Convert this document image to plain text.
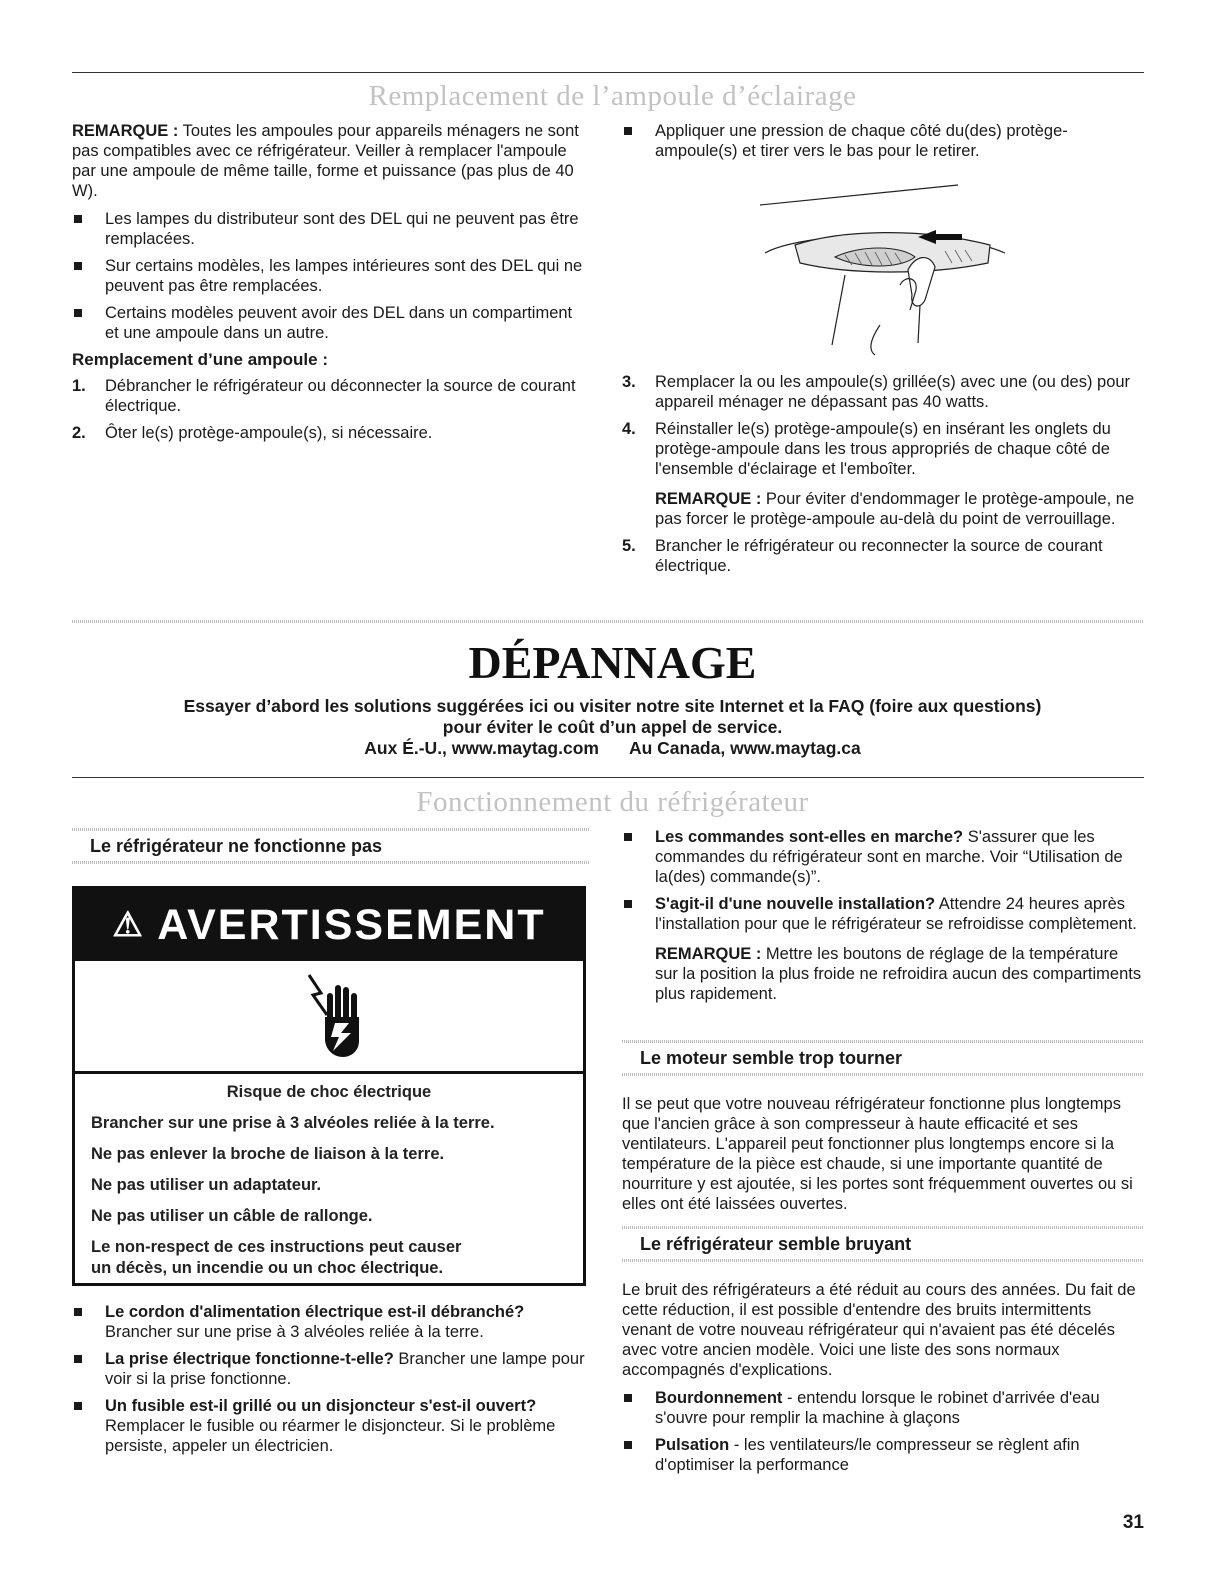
Remplacement de l’ampoule d’éclairage

REMARQUE : Toutes les ampoules pour appareils ménagers ne sont pas compatibles avec ce réfrigérateur. Veiller à remplacer l'ampoule par une ampoule de même taille, forme et puissance (pas plus de 40 W).

Les lampes du distributeur sont des DEL qui ne peuvent pas être remplacées.
Sur certains modèles, les lampes intérieures sont des DEL qui ne peuvent pas être remplacées.
Certains modèles peuvent avoir des DEL dans un compartiment et une ampoule dans un autre.

Remplacement d’une ampoule :

1. Débrancher le réfrigérateur ou déconnecter la source de courant électrique.
2. Ôter le(s) protège-ampoule(s), si nécessaire.
Appliquer une pression de chaque côté du(des) protège-ampoule(s) et tirer vers le bas pour le retirer.
3. Remplacer la ou les ampoule(s) grillée(s) avec une (ou des) pour appareil ménager ne dépassant pas 40 watts.
4. Réinstaller le(s) protège-ampoule(s) en insérant les onglets du protège-ampoule dans les trous appropriés de chaque côté de l'ensemble d'éclairage et l'emboîter.

REMARQUE : Pour éviter d'endommager le protège-ampoule, ne pas forcer le protège-ampoule au-delà du point de verrouillage.

5. Brancher le réfrigérateur ou reconnecter la source de courant électrique.
DÉPANNAGE
Essayer d’abord les solutions suggérées ici ou visiter notre site Internet et la FAQ (foire aux questions)
pour éviter le coût d’un appel de service.
Aux É.-U., www.maytag.com Au Canada, www.maytag.ca
Fonctionnement du réfrigérateur
Le réfrigérateur ne fonctionne pas
⚠ AVERTISSEMENT

Risque de choc électrique

Brancher sur une prise à 3 alvéoles reliée à la terre.

Ne pas enlever la broche de liaison à la terre.

Ne pas utiliser un adaptateur.

Ne pas utiliser un câble de rallonge.

Le non-respect de ces instructions peut causer

un décès, un incendie ou un choc électrique.

Le cordon d'alimentation électrique est-il débranché? Brancher sur une prise à 3 alvéoles reliée à la terre.
La prise électrique fonctionne-t-elle? Brancher une lampe pour voir si la prise fonctionne.
Un fusible est-il grillé ou un disjoncteur s'est-il ouvert? Remplacer le fusible ou réarmer le disjoncteur. Si le problème persiste, appeler un électricien.
Les commandes sont-elles en marche? S'assurer que les commandes du réfrigérateur sont en marche. Voir “Utilisation de la(des) commande(s)”.
S'agit-il d'une nouvelle installation? Attendre 24 heures après l'installation pour que le réfrigérateur se refroidisse complètement.

REMARQUE : Mettre les boutons de réglage de la température sur la position la plus froide ne refroidira aucun des compartiments plus rapidement.

Le moteur semble trop tourner

Il se peut que votre nouveau réfrigérateur fonctionne plus longtemps que l'ancien grâce à son compresseur à haute efficacité et ses ventilateurs. L'appareil peut fonctionner plus longtemps encore si la température de la pièce est chaude, si une importante quantité de nourriture y est ajoutée, si les portes sont fréquemment ouvertes ou si elles ont été laissées ouvertes.

Le réfrigérateur semble bruyant

Le bruit des réfrigérateurs a été réduit au cours des années. Du fait de cette réduction, il est possible d'entendre des bruits intermittents venant de votre nouveau réfrigérateur qui n'avaient pas été décelés avec votre ancien modèle. Voici une liste des sons normaux accompagnés d'explications.

Bourdonnement - entendu lorsque le robinet d'arrivée d'eau s'ouvre pour remplir la machine à glaçons
Pulsation - les ventilateurs/le compresseur se règlent afin d'optimiser la performance
31
